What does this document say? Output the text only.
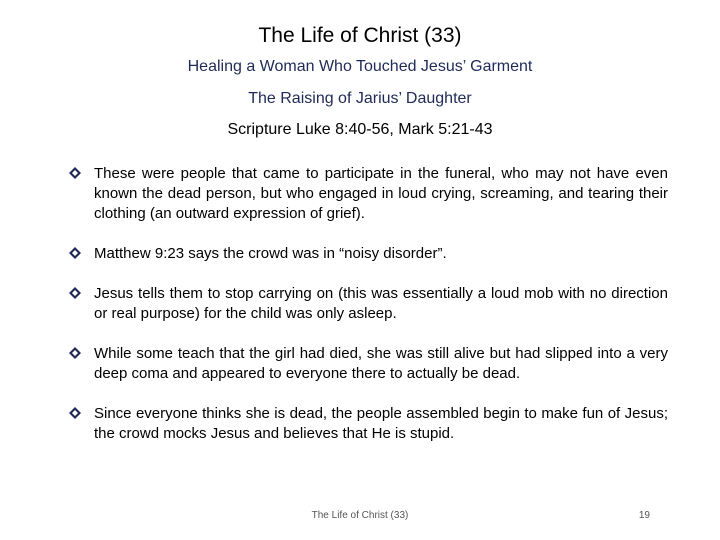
The Life of Christ (33)
Healing a Woman Who Touched Jesus’ Garment
The Raising of Jarius’ Daughter
Scripture Luke 8:40-56, Mark 5:21-43
These were people that came to participate in the funeral, who may not have even known the dead person, but who engaged in loud crying, screaming, and tearing their clothing (an outward expression of grief).
Matthew 9:23 says the crowd was in “noisy disorder”.
Jesus tells them to stop carrying on (this was essentially a loud mob with no direction or real purpose) for the child was only asleep.
While some teach that the girl had died, she was still alive but had slipped into a very deep coma and appeared to everyone there to actually be dead.
Since everyone thinks she is dead, the people assembled begin to make fun of Jesus; the crowd mocks Jesus and believes that He is stupid.
The Life of Christ (33)	19
